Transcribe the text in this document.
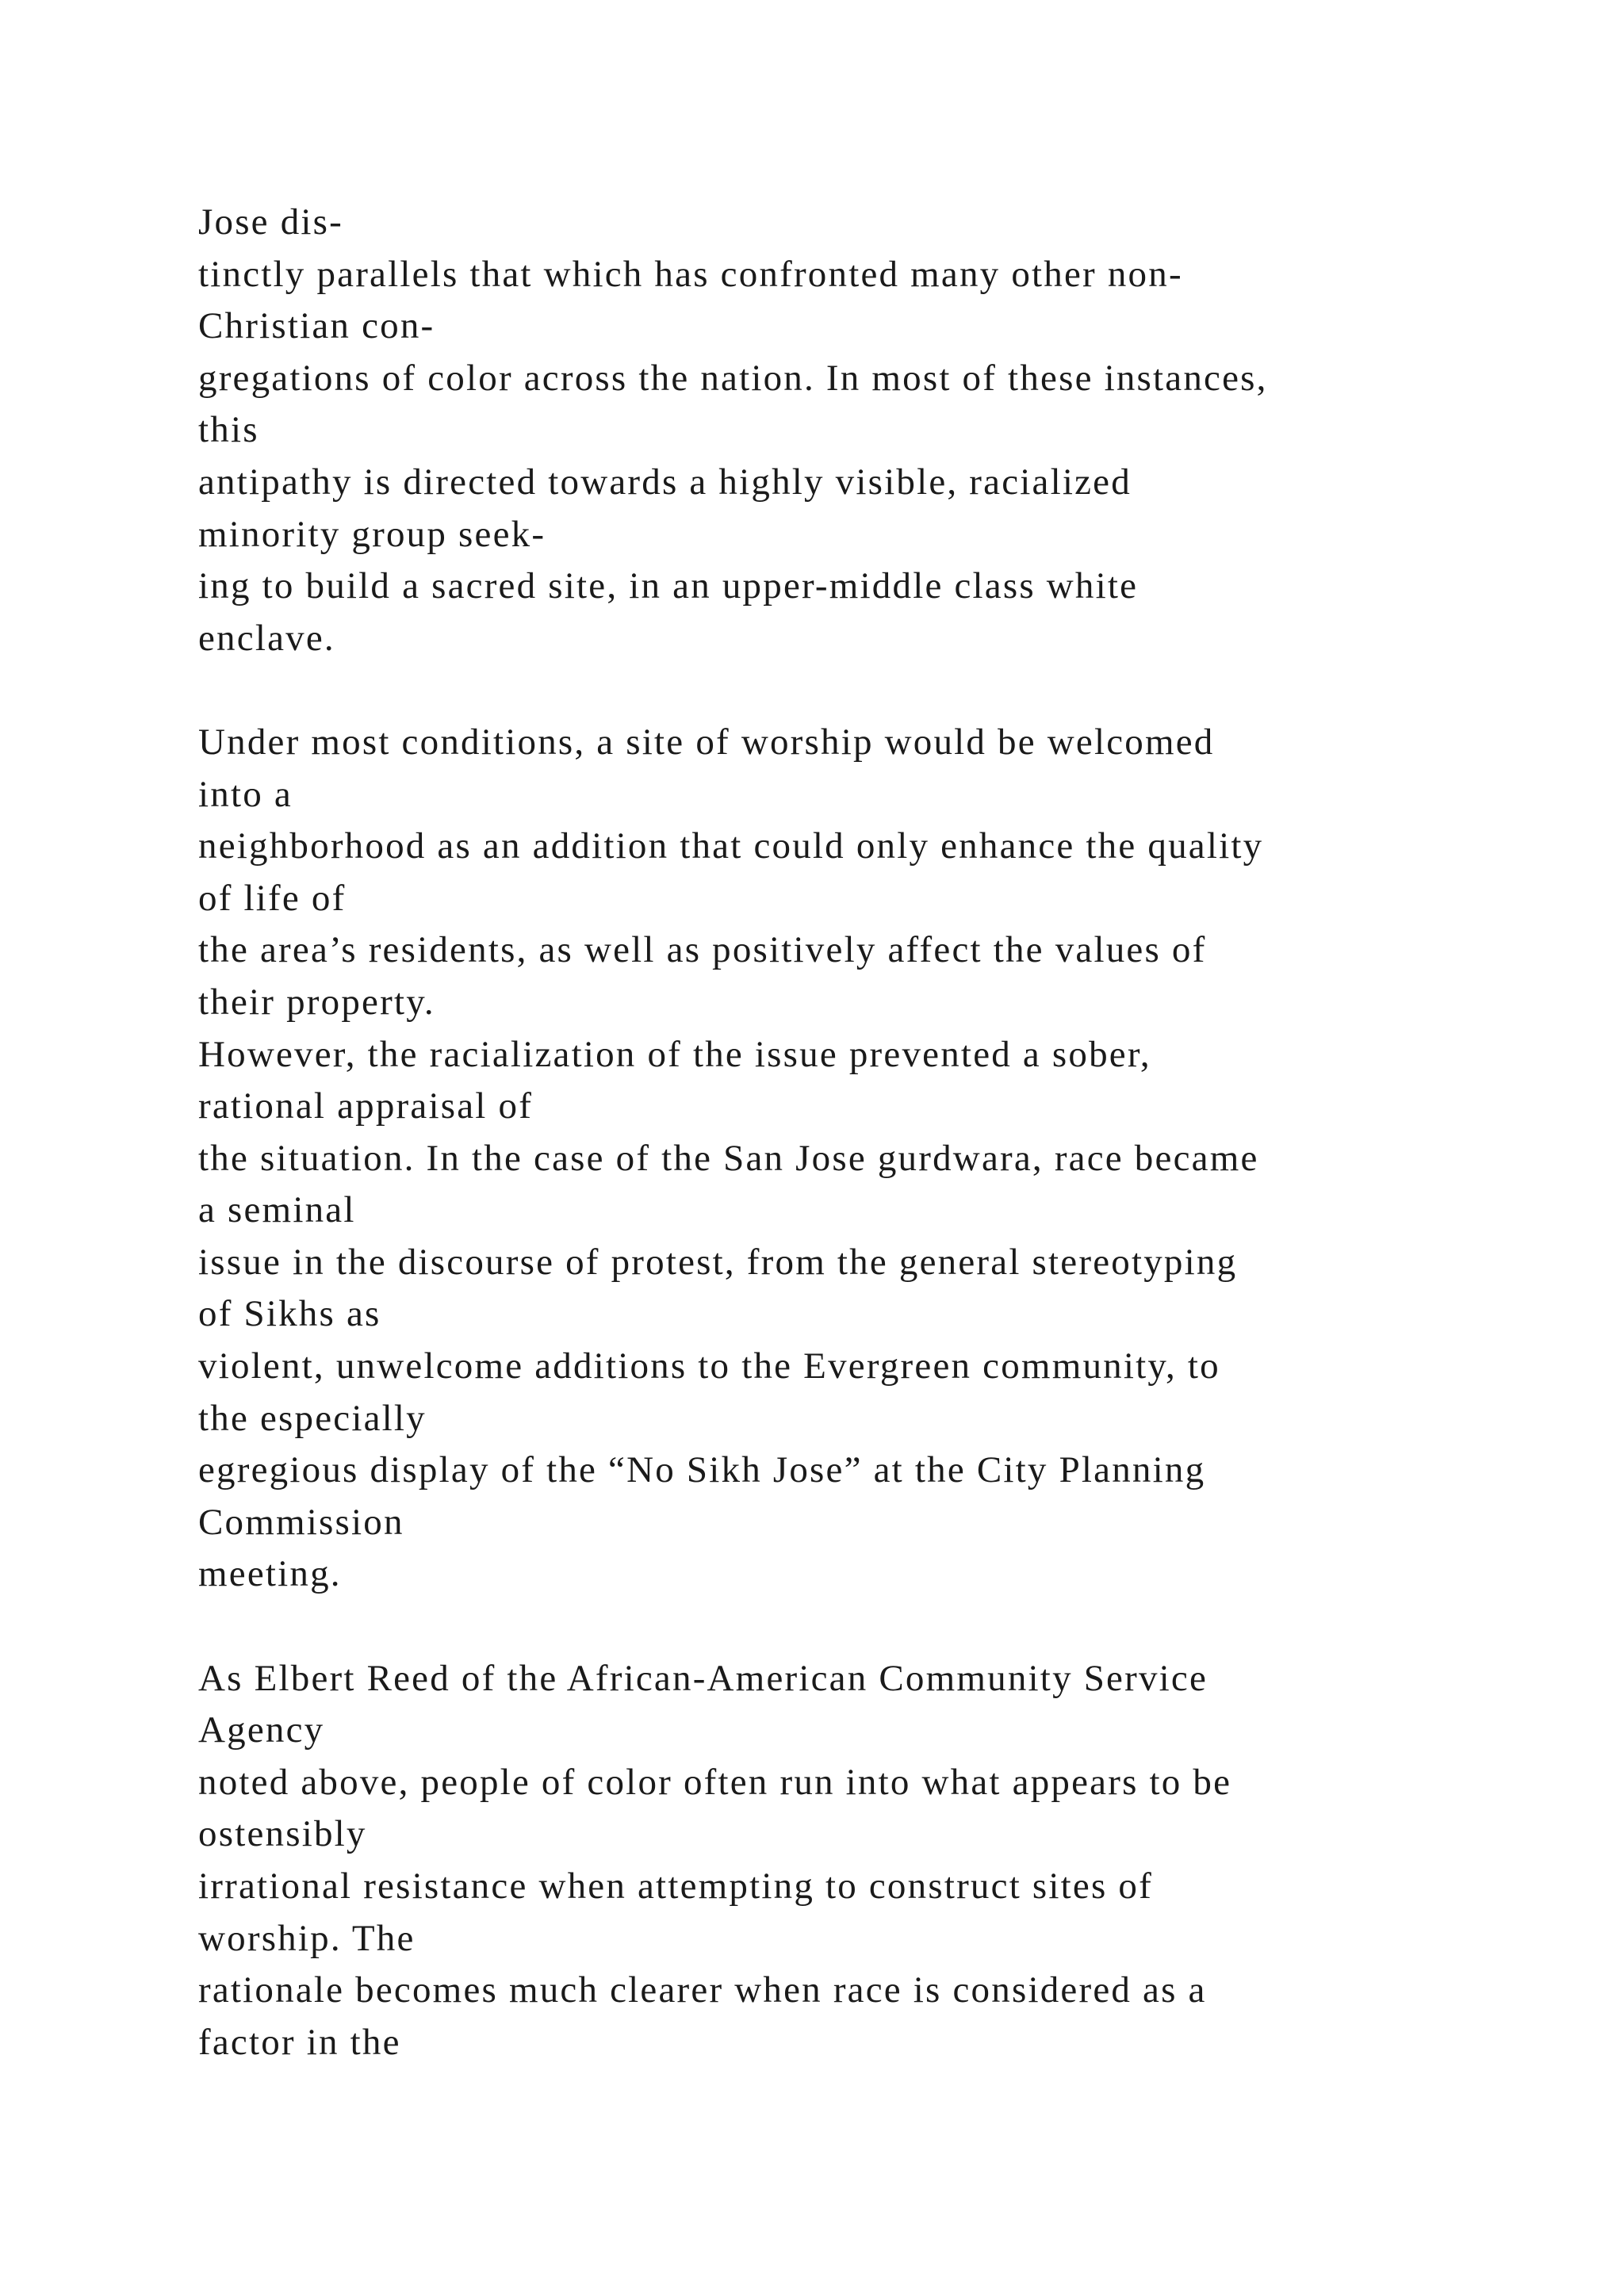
Jose dis-
tinctly parallels that which has confronted many other non-
Christian con-
gregations of color across the nation. In most of these instances,
this
antipathy is directed towards a highly visible, racialized
minority group seek-
ing to build a sacred site, in an upper-middle class white
enclave.

Under most conditions, a site of worship would be welcomed
into a
neighborhood as an addition that could only enhance the quality
of life of
the area’s residents, as well as positively affect the values of
their property.
However, the racialization of the issue prevented a sober,
rational appraisal of
the situation. In the case of the San Jose gurdwara, race became
a seminal
issue in the discourse of protest, from the general stereotyping
of Sikhs as
violent, unwelcome additions to the Evergreen community, to
the especially
egregious display of the “No Sikh Jose” at the City Planning
Commission
meeting.

As Elbert Reed of the African-American Community Service
Agency
noted above, people of color often run into what appears to be
ostensibly
irrational resistance when attempting to construct sites of
worship. The
rationale becomes much clearer when race is considered as a
factor in the
